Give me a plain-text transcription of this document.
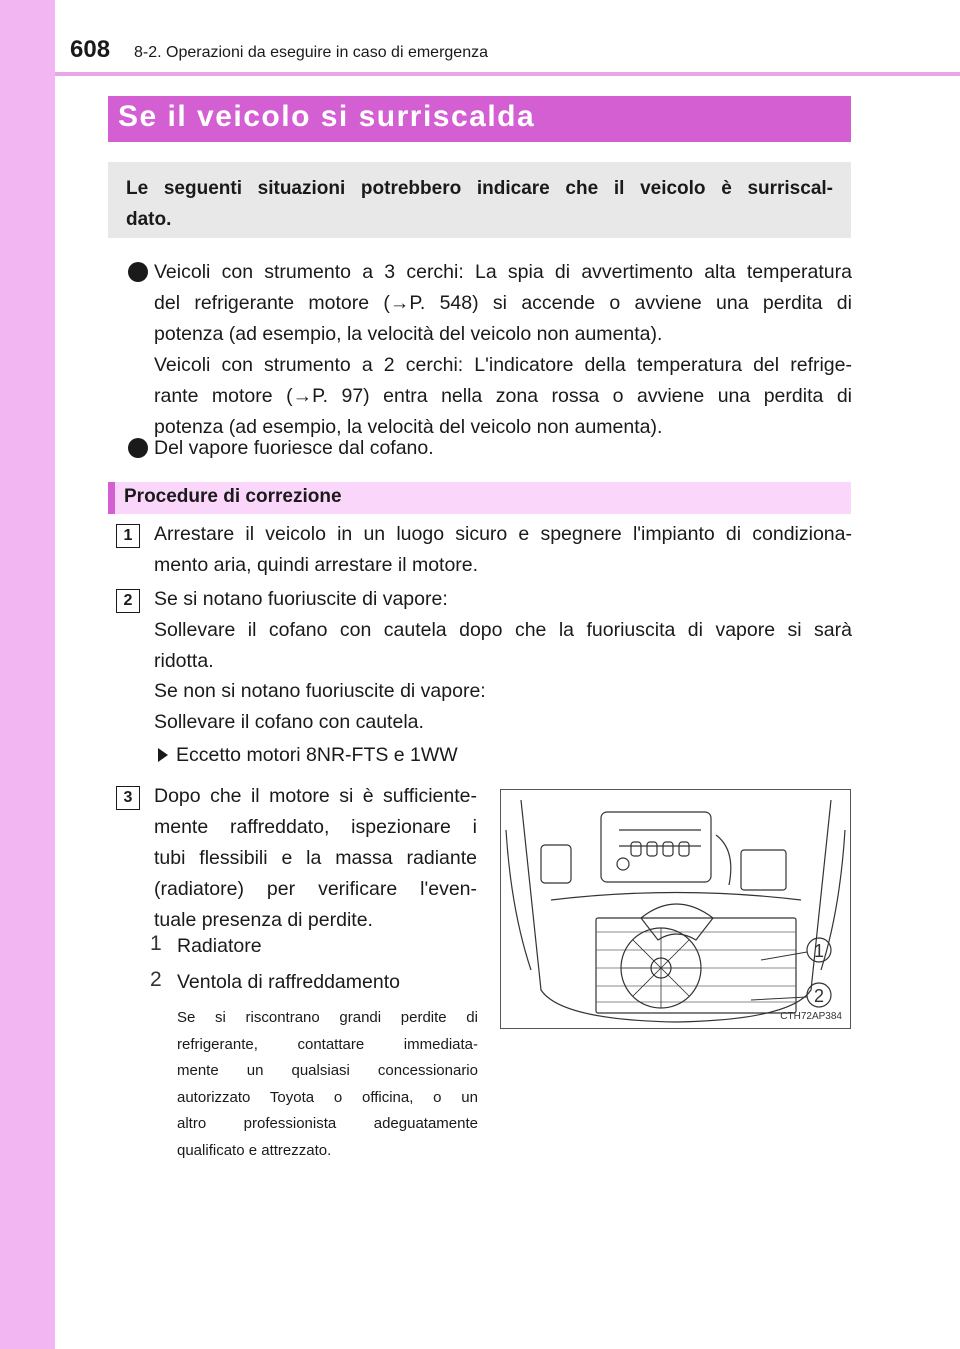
608 8-2. Operazioni da eseguire in caso di emergenza
Se il veicolo si surriscalda
Le seguenti situazioni potrebbero indicare che il veicolo è surriscal-
dato.
Veicoli con strumento a 3 cerchi: La spia di avvertimento alta temperatura
del refrigerante motore (→P. 548) si accende o avviene una perdita di
potenza (ad esempio, la velocità del veicolo non aumenta).
Veicoli con strumento a 2 cerchi: L'indicatore della temperatura del refrige-
rante motore (→P. 97) entra nella zona rossa o avviene una perdita di
potenza (ad esempio, la velocità del veicolo non aumenta).
Del vapore fuoriesce dal cofano.
Procedure di correzione
1	Arrestare il veicolo in un luogo sicuro e spegnere l'impianto di condiziona-
mento aria, quindi arrestare il motore.
2	Se si notano fuoriuscite di vapore:
Sollevare il cofano con cautela dopo che la fuoriuscita di vapore si sarà
ridotta.
Se non si notano fuoriuscite di vapore:
Sollevare il cofano con cautela.
Eccetto motori 8NR-FTS e 1WW
3	Dopo che il motore si è sufficiente-
mente raffreddato, ispezionare i
tubi flessibili e la massa radiante
(radiatore) per verificare l'even-
tuale presenza di perdite.
1 Radiatore
2 Ventola di raffreddamento
Se si riscontrano grandi perdite di
refrigerante, contattare immediata-
mente un qualsiasi concessionario
autorizzato Toyota o officina, o un
altro professionista adeguatamente
qualificato e attrezzato.
1
2
CTH72AP384
